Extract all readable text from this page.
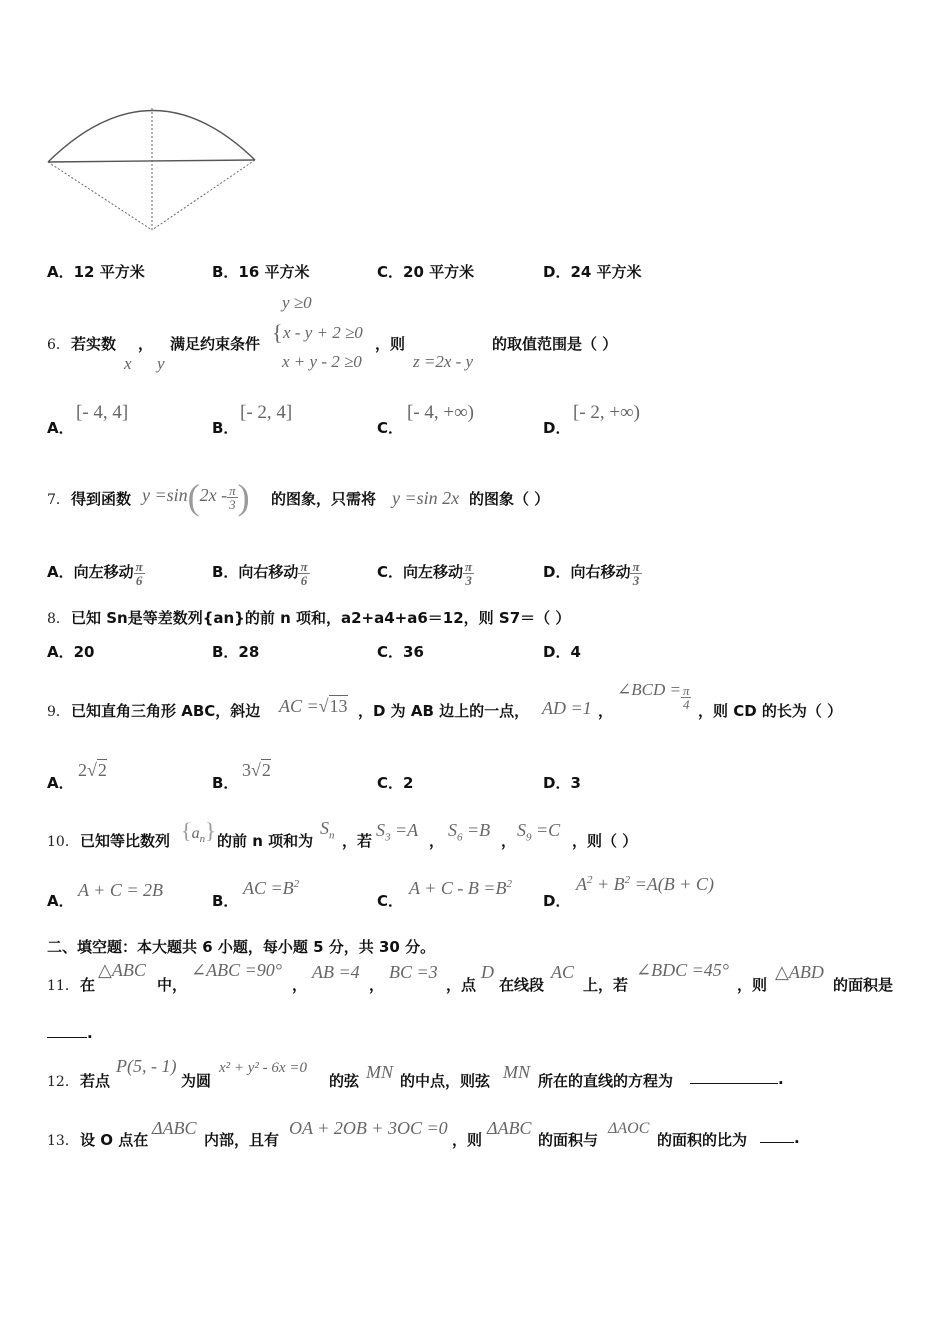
A．12 平方米	B．16 平方米	C．20 平方米	D．24 平方米
6． 若实数 ， 满足约束条件
x y
y ≥0
{ x - y + 2 ≥0
x + y - 2 ≥0
，则
z =2x - y
的取值范围是（ ）
A．
[- 4, 4]
B．
[- 2, 4]
C．
[- 4, +∞)
D．
[- 2, +∞)
7． 得到函数 $y =\sin(2x - \frac{\pi}{3}$ ) 的图象，只需将 y =sin 2x 的图象（ ）
A．向左移动 $\frac{\pi}{6}$	B．向右移动 $\frac{\pi}{6}$	C．向左移动 $\frac{\pi}{3}$	D．向右移动 $\frac{\pi}{3}$
8． 已知 Sn是等差数列{an}的前 n 项和，a2+a4+a6＝12，则 S7＝（ ）
A．20	B．28	C．36	D．4
9． 已知直角三角形 ABC，斜边 AC =√13 ，D 为 AB 边上的一点， AD =1 ，
∠BCD = $\frac{\pi}{4}$ ，则 CD 的长为（ ）
A．
2√2
B．
3√2
C．2	D．3
10． 已知等比数列 $\{a_n\}$ 的前 n 项和为
$S_n$ ，若
$S_3 =A$
，
$S_6 =B$
，
$S_9 =C$
，则（ ）
A．
A + C = 2B
B．
AC $=B^2$
C．
$A + C - B =B^2$
D．
$A^2 + B^2 =A(B + C)$
二、填空题：本大题共 6 小题，每小题 5 分，共 30 分。
11． 在
△ABC
中，
∠ABC =90°
，
AB =4
，
BC =3
，点
D
在线段
AC
上，若
∠BDC =45°
，则
△ABD
的面积是
.
12． 若点
P(5, - 1)
为圆
x² + y² - 6x =0
的弦 MN 的中点，则弦 MN 所在的直线的方程为	.
13． 设 O 点在
ΔABC
内部，且有
OA + 2OB + 3OC =0
，则
ΔABC
的面积与
ΔAOC
的面积的比为	.
